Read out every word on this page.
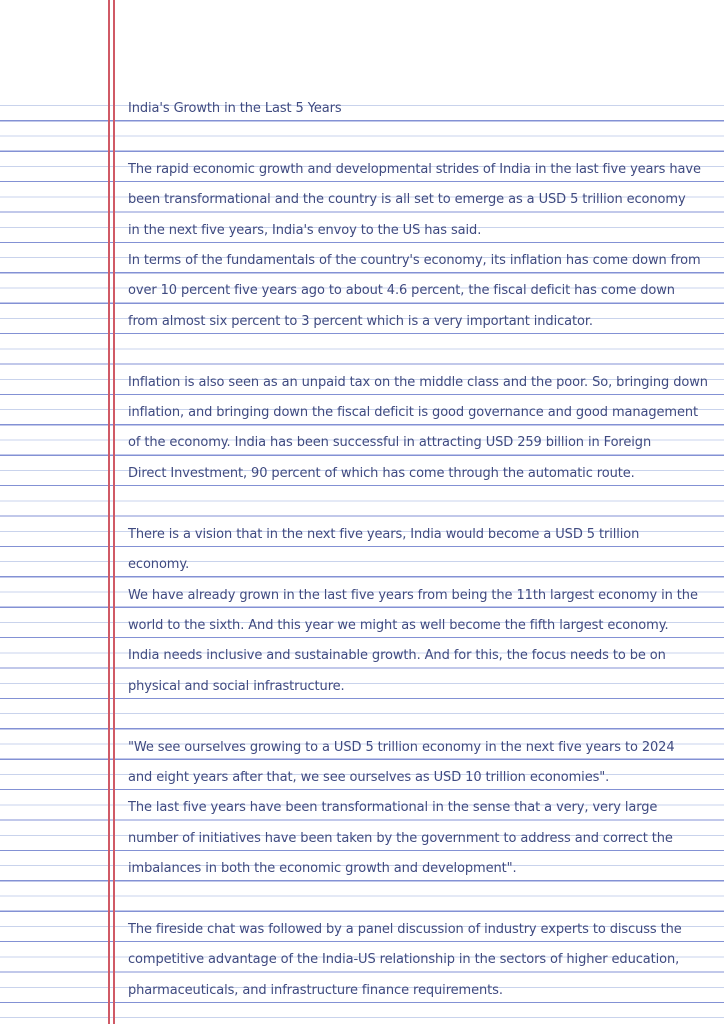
India's Growth in the Last 5 Years

The rapid economic growth and developmental strides of India in the last five years have

been transformational and the country is all set to emerge as a USD 5 trillion economy

in the next five years, India's envoy to the US has said.

In terms of the fundamentals of the country's economy, its inflation has come down from

over 10 percent five years ago to about 4.6 percent, the fiscal deficit has come down

from almost six percent to 3 percent which is a very important indicator.

Inflation is also seen as an unpaid tax on the middle class and the poor. So, bringing down

inflation, and bringing down the fiscal deficit is good governance and good management

of the economy. India has been successful in attracting USD 259 billion in Foreign

Direct Investment, 90 percent of which has come through the automatic route.

There is a vision that in the next five years, India would become a USD 5 trillion

economy.

We have already grown in the last five years from being the 11th largest economy in the

world to the sixth. And this year we might as well become the fifth largest economy.

India needs inclusive and sustainable growth. And for this, the focus needs to be on

physical and social infrastructure.

"We see ourselves growing to a USD 5 trillion economy in the next five years to 2024

and eight years after that, we see ourselves as USD 10 trillion economies".

The last five years have been transformational in the sense that a very, very large

number of initiatives have been taken by the government to address and correct the

imbalances in both the economic growth and development".

The fireside chat was followed by a panel discussion of industry experts to discuss the

competitive advantage of the India-US relationship in the sectors of higher education,

pharmaceuticals, and infrastructure finance requirements.
